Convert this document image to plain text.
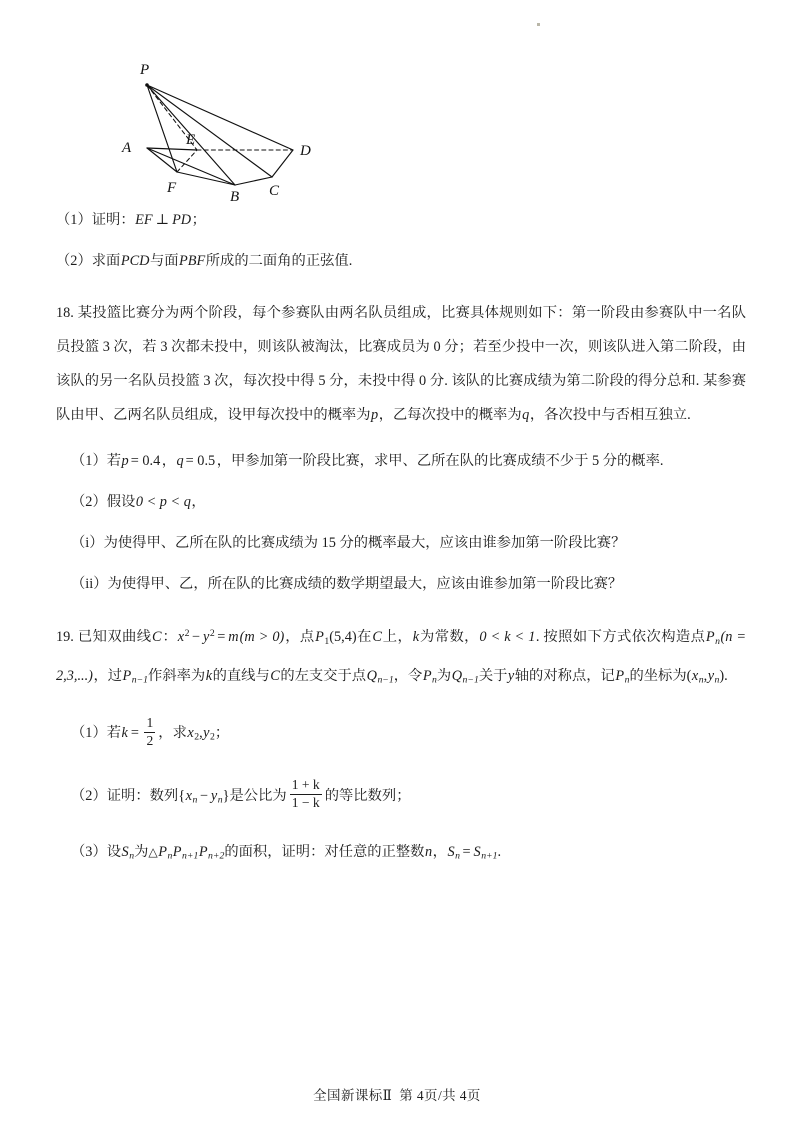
P
A	E
D
F
B C

（1）证明：EF ⊥ PD；

（2）求面PCD与面PBF所成的二面角的正弦值.

18. 某投篮比赛分为两个阶段，每个参赛队由两名队员组成，比赛具体规则如下：第一阶段由参赛队中一名队员投篮 3 次，若 3 次都未投中，则该队被淘汰，比赛成员为 0 分；若至少投中一次，则该队进入第二阶段，由该队的另一名队员投篮 3 次，每次投中得 5 分，未投中得 0 分. 该队的比赛成绩为第二阶段的得分总和. 某参赛队由甲、乙两名队员组成，设甲每次投中的概率为p，乙每次投中的概率为q，各次投中与否相互独立.

（1）若p = 0.4 ，q = 0.5 ，甲参加第一阶段比赛，求甲、乙所在队的比赛成绩不少于 5 分的概率.

（2）假设0 < p < q，

（i）为使得甲、乙所在队的比赛成绩为 15 分的概率最大，应该由谁参加第一阶段比赛？

（ii）为使得甲、乙，所在队的比赛成绩的数学期望最大，应该由谁参加第一阶段比赛？

19. 已知双曲线C：$x^2 - y^2 = m(m > 0)$，点$P_1(5,4)$在C上，k为常数，0 < k < 1. 按照如下方式依次构造点$P_n(n = 2,3,...)$，过$P_{n-1}$作斜率为k的直线与C的左支交于点$Q_{n-1}$，令$P_n$为$Q_{n-1}$关于y轴的对称点，记$P_n$的坐标为$(x_n,y_n)$.

（1）若$k = \frac{1}{2}$ ，求$x_2,y_2$；

（2）证明：数列$\{x_n - y_n\}$是公比为 $\frac{1 + k}{1 - k}$ 的等比数列；

（3）设$S_n$为$\triangle P_nP_{n+1}P_{n+2}$的面积，证明：对任意的正整数n，$S_n = S_{n+1}$.

全国新课标Ⅱ 第 4页/共 4页
